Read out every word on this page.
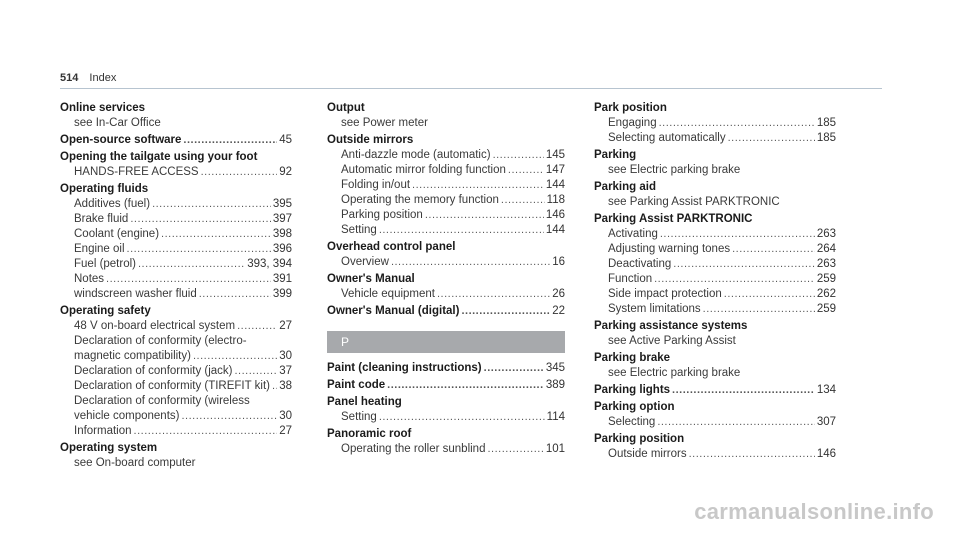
514 Index
Online services
see In-Car Office
Open-source software .....	45
Opening the tailgate using your foot
HANDS-FREE ACCESS .....	92
Operating fluids
Additives (fuel) .....	395
Brake fluid .....	397
Coolant (engine) .....	398
Engine oil .....	396
Fuel (petrol) .....	393, 394
Notes .....	391
windscreen washer fluid .....	399
Operating safety
48 V on-board electrical system .....	27
Declaration of conformity (electro-
magnetic compatibility) .....	30
Declaration of conformity (jack) .....	37
Declaration of conformity (TIREFIT kit) ..... 38
Declaration of conformity (wireless
vehicle components) .....	30
Information .....	27
Operating system
see On-board computer
Output
see Power meter
Outside mirrors
Anti-dazzle mode (automatic) .....	145
Automatic mirror folding function .....	147
Folding in/out .....	144
Operating the memory function .....	118
Parking position .....	146
Setting .....	144
Overhead control panel
Overview .....	16
Owner's Manual
Vehicle equipment .....	26
Owner's Manual (digital) .....	22
P
Paint (cleaning instructions) .....	345
Paint code .....	389
Panel heating
Setting .....	114
Panoramic roof
Operating the roller sunblind .....	101
Park position
Engaging .....	185
Selecting automatically .....	185
Parking
see Electric parking brake
Parking aid
see Parking Assist PARKTRONIC
Parking Assist PARKTRONIC
Activating .....	263
Adjusting warning tones .....	264
Deactivating .....	263
Function .....	259
Side impact protection .....	262
System limitations .....	259
Parking assistance systems
see Active Parking Assist
Parking brake
see Electric parking brake
Parking lights .....	134
Parking option
Selecting .....	307
Parking position
Outside mirrors .....	146
carmanualsonline.info
